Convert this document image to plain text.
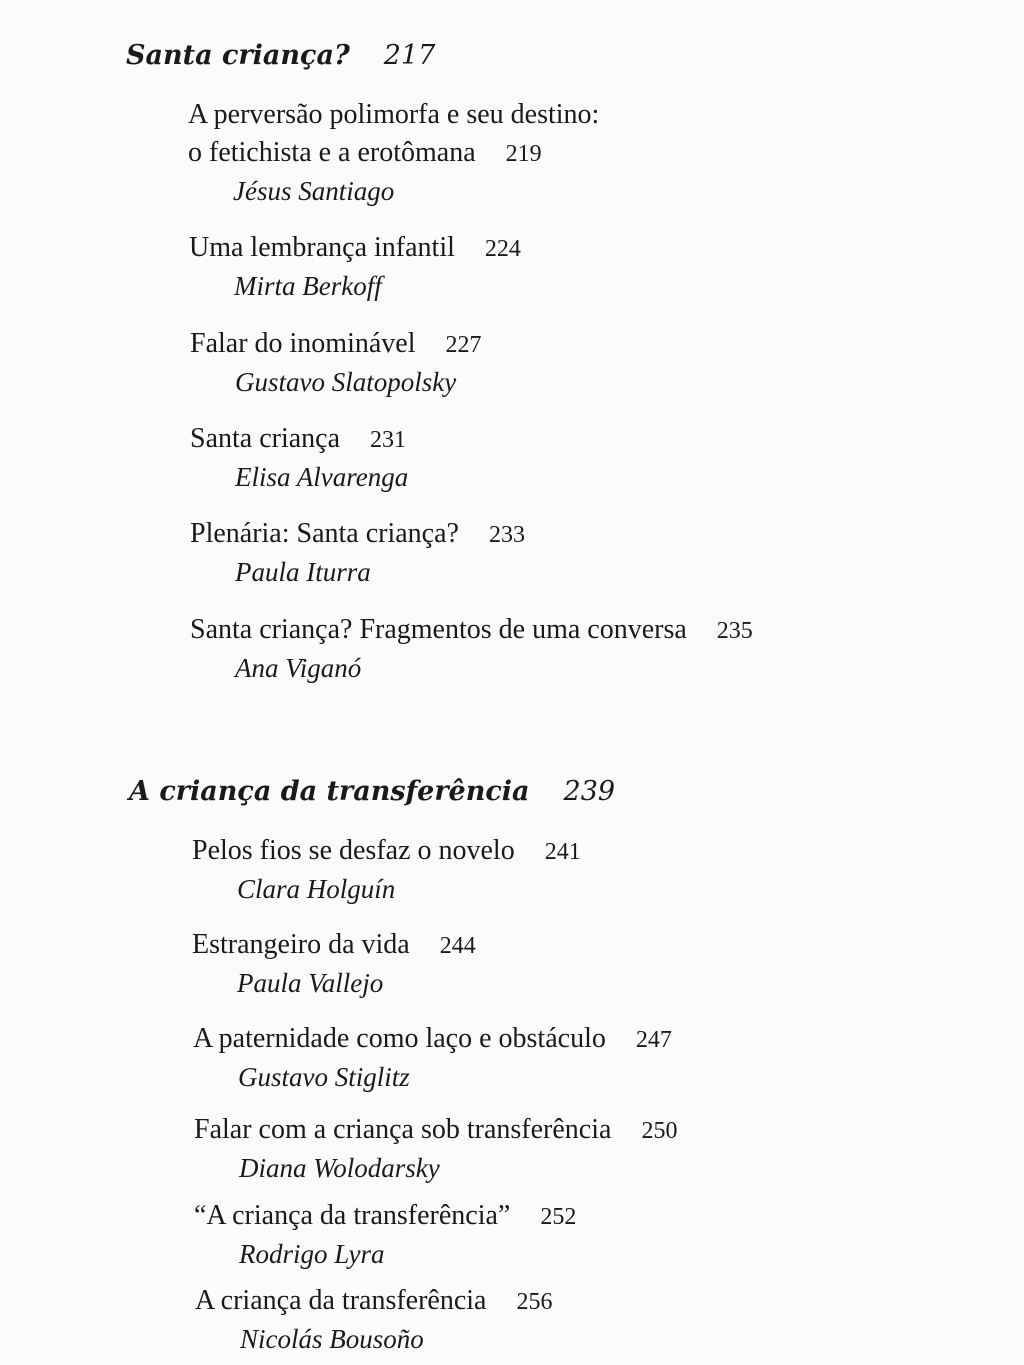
Santa criança? 217
A perversão polimorfa e seu destino:
o fetichista e a erotômana 219
Jésus Santiago
Uma lembrança infantil 224
Mirta Berkoff
Falar do inominável 227
Gustavo Slatopolsky
Santa criança 231
Elisa Alvarenga
Plenária: Santa criança? 233
Paula Iturra
Santa criança? Fragmentos de uma conversa 235
Ana Viganó
A criança da transferência 239
Pelos fios se desfaz o novelo 241
Clara Holguín
Estrangeiro da vida 244
Paula Vallejo
A paternidade como laço e obstáculo 247
Gustavo Stiglitz
Falar com a criança sob transferência 250
Diana Wolodarsky
“A criança da transferência” 252
Rodrigo Lyra
A criança da transferência 256
Nicolás Bousoño
